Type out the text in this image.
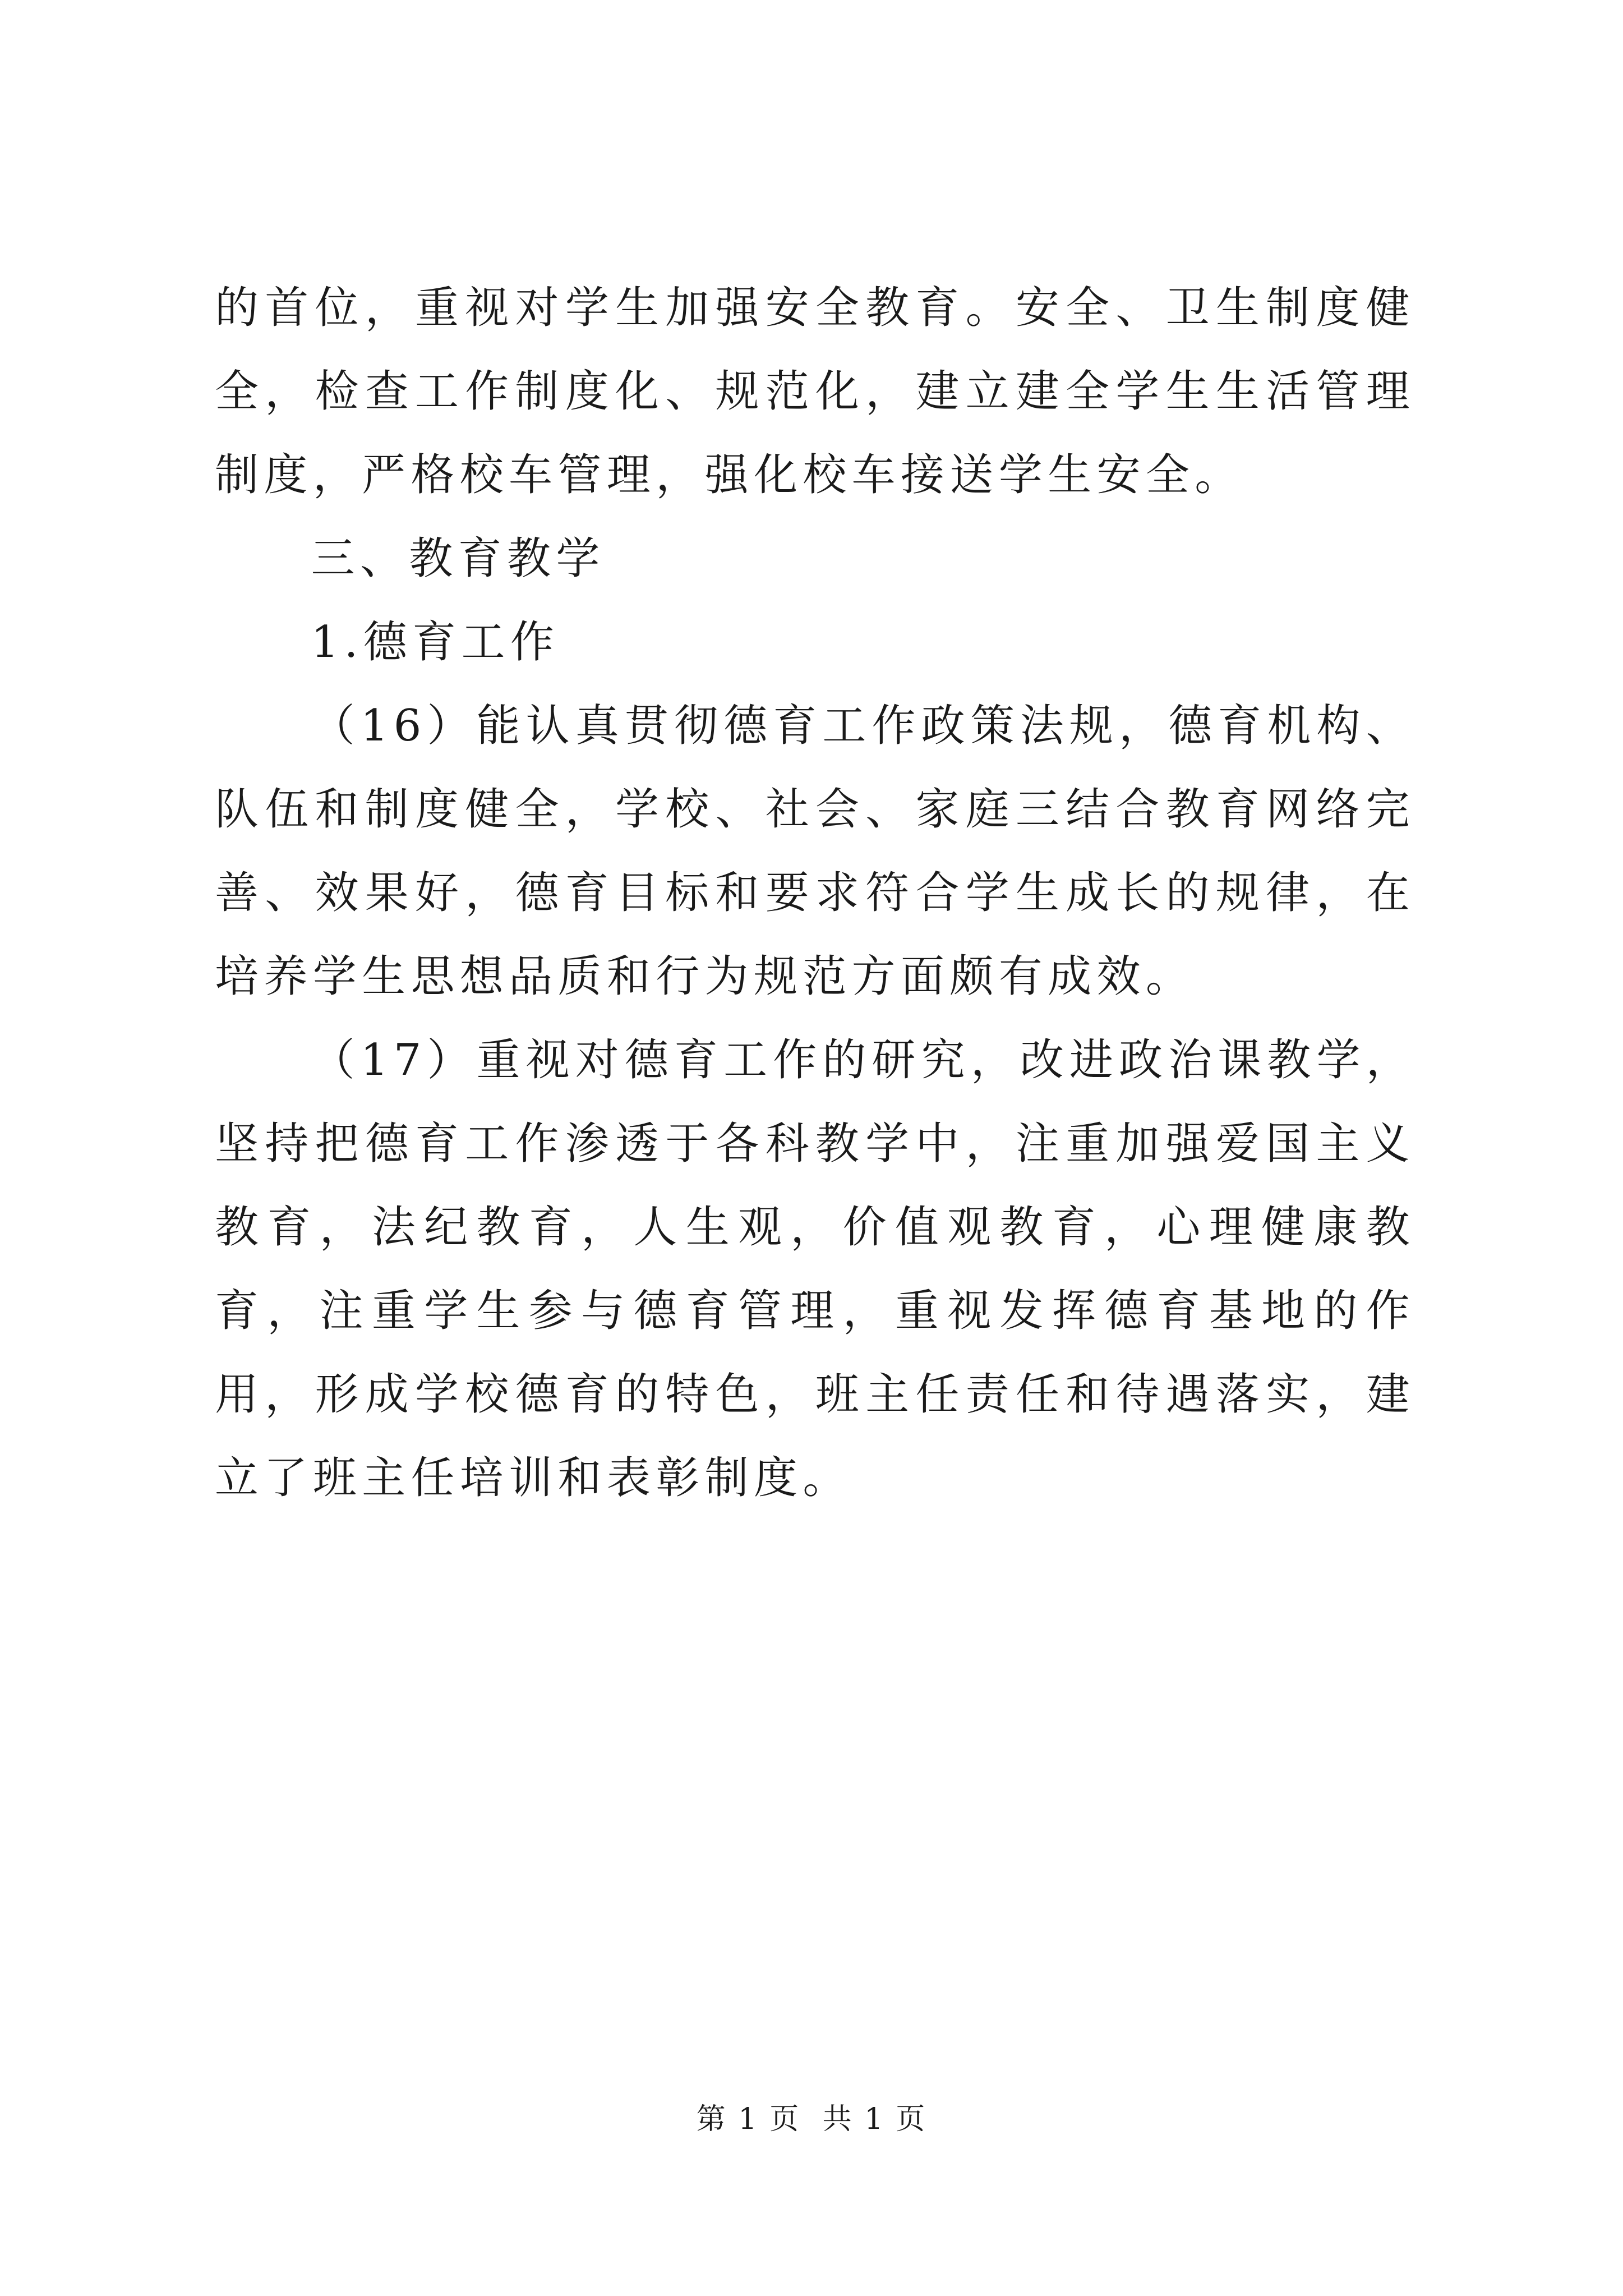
的首位，重视对学生加强安全教育。安全、卫生制度健全，检查工作制度化、规范化，建立建全学生生活管理制度，严格校车管理，强化校车接送学生安全。

三、教育教学

1.德育工作

（16）能认真贯彻德育工作政策法规，德育机构、队伍和制度健全，学校、社会、家庭三结合教育网络完善、效果好，德育目标和要求符合学生成长的规律，在培养学生思想品质和行为规范方面颇有成效。

（17）重视对德育工作的研究，改进政治课教学，坚持把德育工作渗透于各科教学中，注重加强爱国主义教育，法纪教育，人生观，价值观教育，心理健康教育，注重学生参与德育管理，重视发挥德育基地的作用，形成学校德育的特色，班主任责任和待遇落实，建立了班主任培训和表彰制度。

第 1 页  共 1 页
